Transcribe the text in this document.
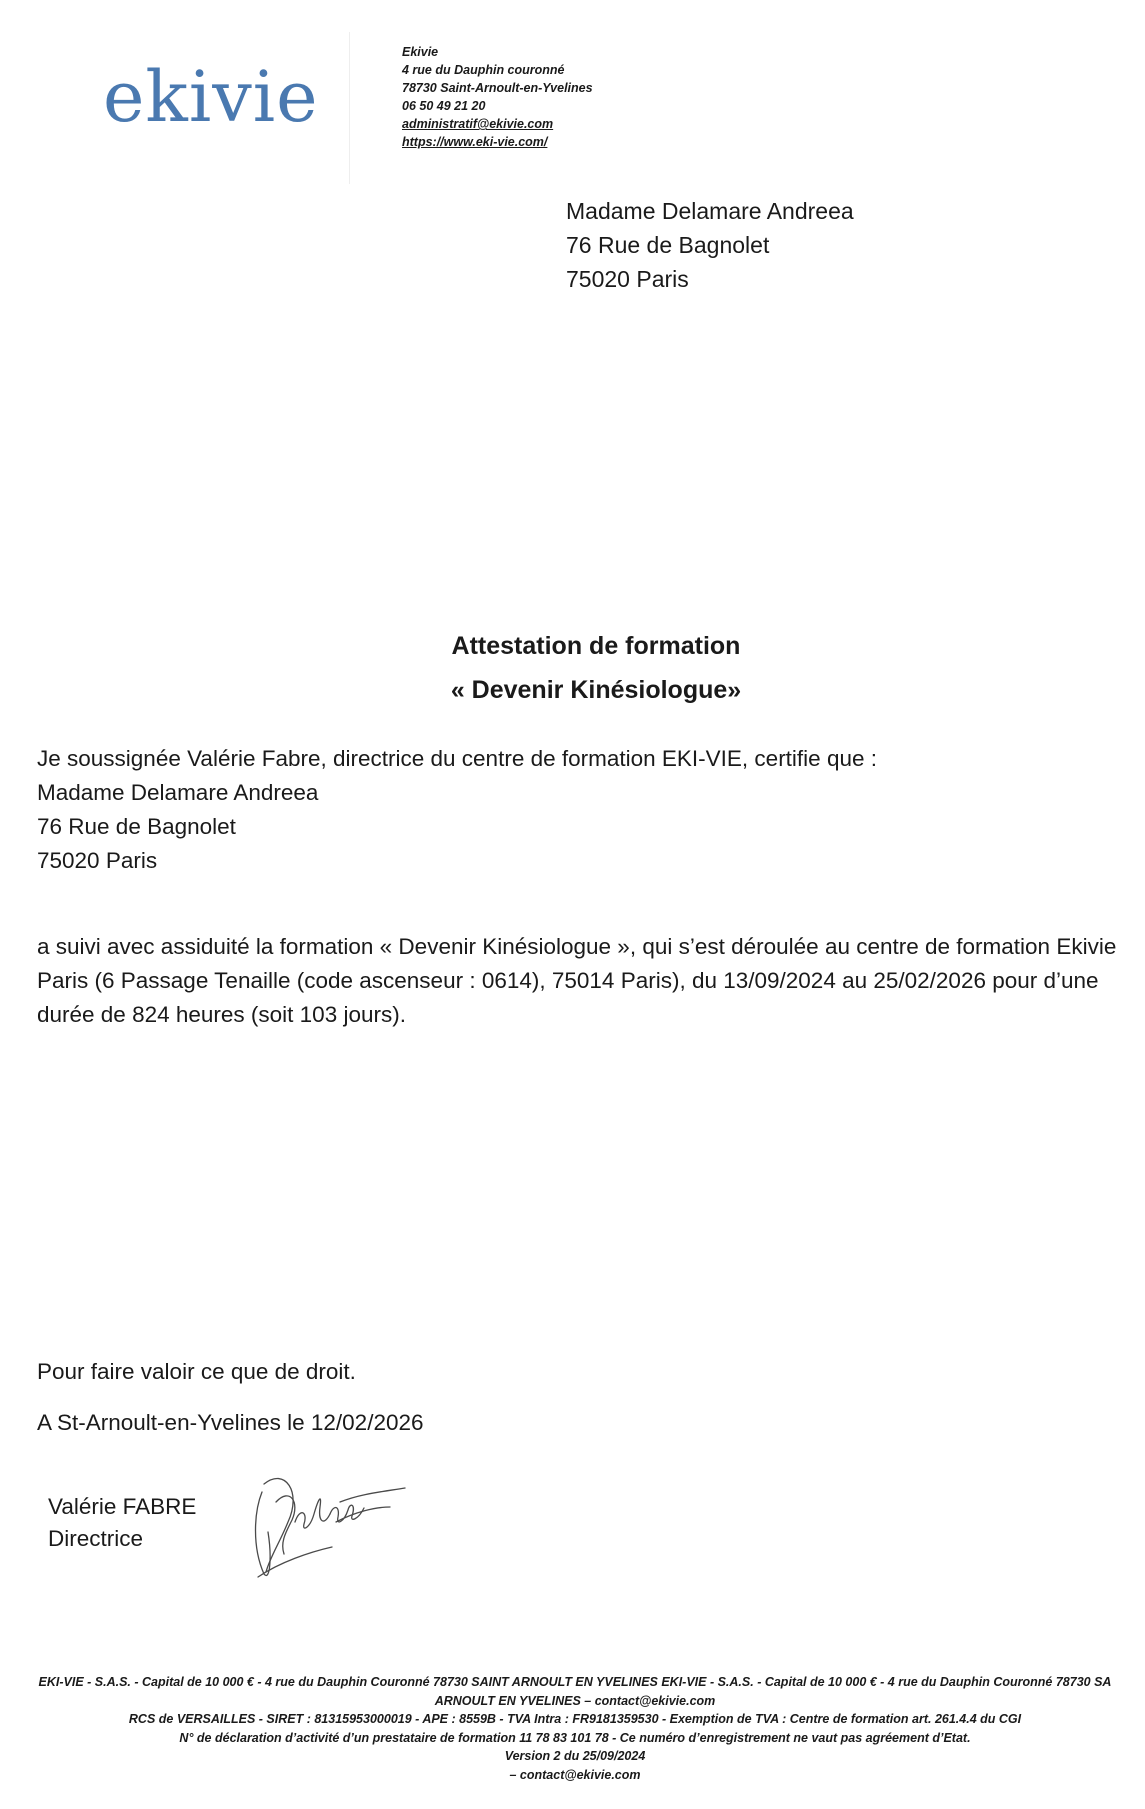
ekivie
Ekivie
4 rue du Dauphin couronné
78730 Saint-Arnoult-en-Yvelines
06 50 49 21 20
administratif@ekivie.com
https://www.eki-vie.com/
Madame Delamare Andreea
76 Rue de Bagnolet
75020 Paris
Attestation de formation
« Devenir Kinésiologue»
Je soussignée Valérie Fabre, directrice du centre de formation EKI-VIE, certifie que :
Madame Delamare Andreea
76 Rue de Bagnolet
75020 Paris
a suivi avec assiduité la formation « Devenir Kinésiologue », qui s’est déroulée au centre de formation Ekivie Paris (6 Passage Tenaille (code ascenseur : 0614), 75014 Paris), du 13/09/2024 au 25/02/2026 pour d’une durée de 824 heures (soit 103 jours).
Pour faire valoir ce que de droit.
A St-Arnoult-en-Yvelines le 12/02/2026
Valérie FABRE
Directrice
EKI-VIE - S.A.S. - Capital de 10 000 € - 4 rue du Dauphin Couronné 78730 SAINT ARNOULT EN YVELINES EKI-VIE - S.A.S. - Capital de 10 000 € - 4 rue du Dauphin Couronné 78730 SA
ARNOULT EN YVELINES – contact@ekivie.com
RCS de VERSAILLES - SIRET : 81315953000019 - APE : 8559B - TVA Intra : FR9181359530 - Exemption de TVA : Centre de formation art. 261.4.4 du CGI
N° de déclaration d’activité d’un prestataire de formation 11 78 83 101 78 - Ce numéro d’enregistrement ne vaut pas agréement d’Etat.
Version 2 du 25/09/2024
– contact@ekivie.com
